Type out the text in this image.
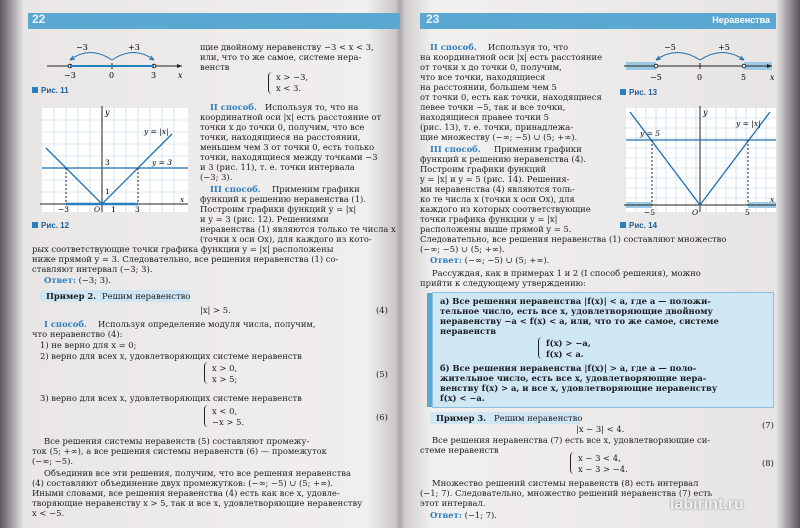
22
−3	+3
−3	0	3	x
Рис. 11
щие двойному неравенству −3 < x < 3,
или, что то же самое, системе нера-
венств
x > −3,
x < 3.
II способ. Используя то, что на
координатной оси |x| есть расстояние от
точки x до точки 0, получим, что все
точки, находящиеся на расстоянии,
меньшем чем 3 от точки 0, есть только
точки, находящиеся между точками −3
и 3 (рис. 11), т. е. точки интервала
(−3; 3).
y
y = |x|
y = 3
3
1
−3	O 1	3
x
Рис. 12
III способ. Применим графики
функций к решению неравенства (1).
Построим графики функций y = |x|
и y = 3 (рис. 12). Решениями
неравенства (1) являются только те числа x
(точки x оси Ox), для каждого из кото-
рых соответствующие точки графика функции y = |x| расположены
ниже прямой y = 3. Следовательно, все решения неравенства (1) со-
ставляют интервал (−3; 3).
Ответ: (−3; 3).
Пример 2. Решим неравенство
|x| > 5.	(4)
I способ. Используя определение модуля числа, получим,
что неравенство (4):
1) не верно для x = 0;
2) верно для всех x, удовлетворяющих системе неравенств
x > 0,
x > 5;	(5)
3) верно для всех x, удовлетворяющих системе неравенств
x < 0,
−x > 5.	(6)
Все решения системы неравенств (5) составляют промежу-
ток (5; +∞), а все решения системы неравенств (6) — промежуток
(−∞; −5).
Объединив все эти решения, получим, что все решения неравенства
(4) составляют объединение двух промежутков: (−∞; −5) ∪ (5; +∞).
Иными словами, все решения неравенства (4) есть как все x, удовле-
творяющие неравенству x > 5, так и все x, удовлетворяющие неравенству
x < −5.
23	Неравенства
II способ. Используя то, что
на координатной оси |x| есть расстояние
от точки x до точки 0, получим,
что все точки, находящиеся
на расстоянии, большем чем 5
от точки 0, есть как точки, находящиеся
левее точки −5, так и все точки,
находящиеся правее точки 5
(рис. 13), т. е. точки, принадлежа-
щие множеству (−∞; −5) ∪ (5; +∞).
−5	+5
−5	0	5	x
Рис. 13
y
y = 5
y = |x|
−5	O	5
x
Рис. 14
III способ. Применим графики
функций к решению неравенства (4).
Построим графики функций
y = |x| и y = 5 (рис. 14). Решения-
ми неравенства (4) являются толь-
ко те числа x (точки x оси Ox), для
каждого из которых соответствующие
точки графика функции y = |x|
расположены выше прямой y = 5.
Следовательно, все решения неравенства (1) составляют множество
(−∞; −5) ∪ (5; +∞).
Ответ: (−∞; −5) ∪ (5; +∞).
Рассуждая, как в примерах 1 и 2 (I способ решения), можно
прийти к следующему утверждению:
а) Все решения неравенства |f(x)| < a, где a — положи-
тельное число, есть все x, удовлетворяющие двойному
неравенству −a < f(x) < a, или, что то же самое, системе
неравенств
f(x) > −a,
f(x) < a.
б) Все решения неравенства |f(x)| > a, где a — поло-
жительное число, есть все x, удовлетворяющие нера-
венству f(x) > a, и все x, удовлетворяющие неравенству
f(x) < −a.
Пример 3. Решим неравенство
|x − 3| < 4.	(7)
Все решения неравенства (7) есть все x, удовлетворяющие си-
стеме неравенств
x − 3 < 4,
x − 3 > −4.
(8)
Множество решений системы неравенств (8) есть интервал
(−1; 7). Следовательно, множество решений неравенства (7) есть
этот интервал.
Ответ: (−1; 7).
labirint.ru
